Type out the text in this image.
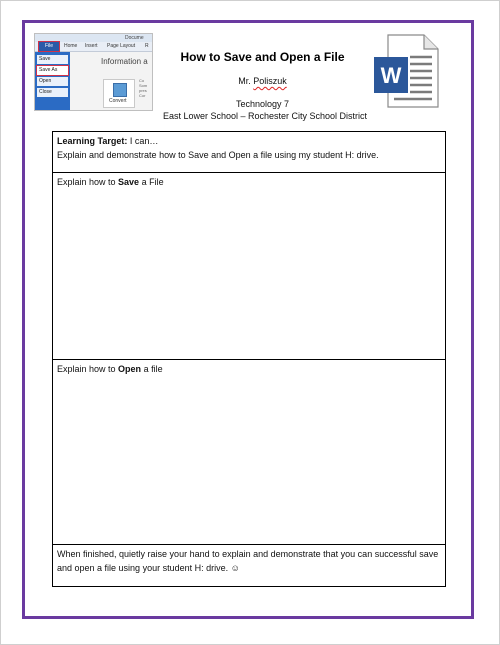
Docume
File	Home Insert Page Layout R
Save
Save As
Open
Close
Info
Information a
Convert
Co Som pres Cor
How to Save and Open a File
Mr. Poliszuk
Technology 7
East Lower School – Rochester City School District
W
Learning Target: I can…
Explain and demonstrate how to Save and Open a file using my student H: drive.
Explain how to Save a File
Explain how to Open a file
When finished, quietly raise your hand to explain and demonstrate that you can successful save and open a file using your student H: drive. ☺
